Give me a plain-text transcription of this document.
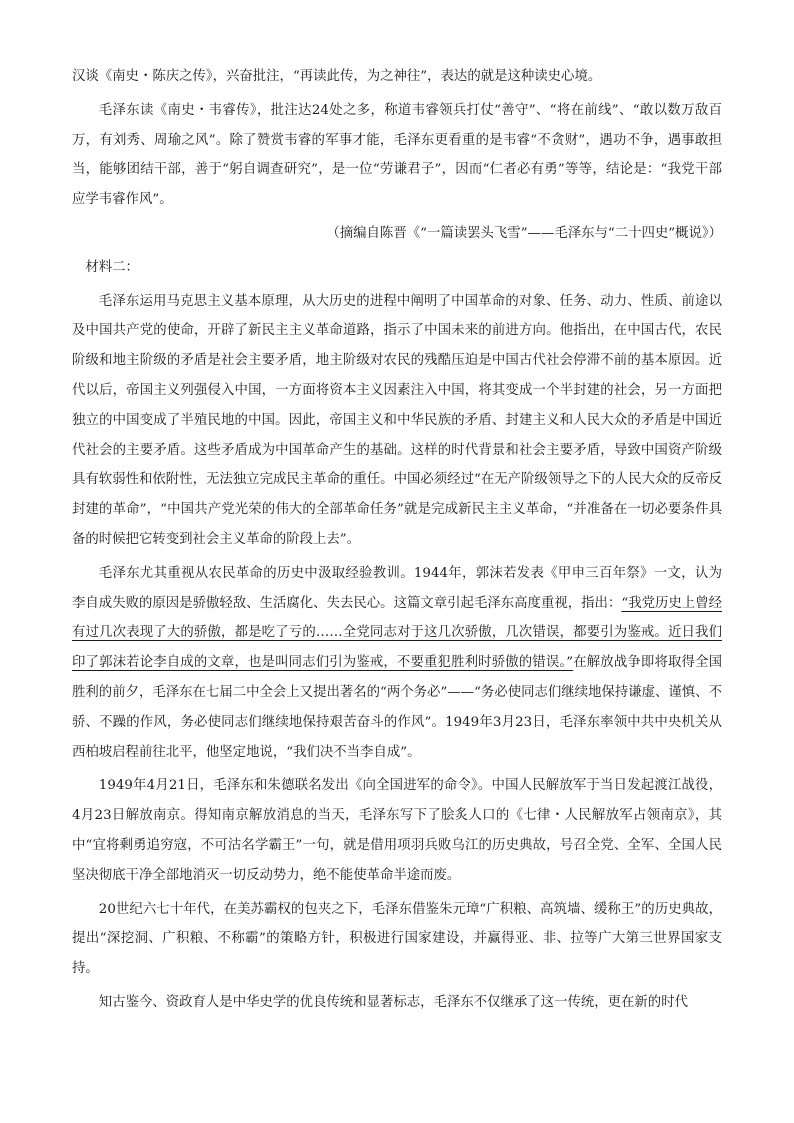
汉谈《南史・陈庆之传》，兴奋批注，“再读此传，为之神往”，表达的就是这种读史心境。

毛泽东读《南史・韦睿传》，批注达24处之多，称道韦睿领兵打仗“善守”、“将在前线”、“敢以数万敌百万，有刘秀、周瑜之风”。除了赞赏韦睿的军事才能，毛泽东更看重的是韦睿“不贪财”，遇功不争，遇事敢担当，能够团结干部，善于“躬自调查研究”，是一位“劳谦君子”，因而“仁者必有勇”等等，结论是：“我党干部应学韦睿作风”。

（摘编自陈晋《“一篇读罢头飞雪”——毛泽东与“二十四史”概说》）

材料二：

毛泽东运用马克思主义基本原理，从大历史的进程中阐明了中国革命的对象、任务、动力、性质、前途以及中国共产党的使命，开辟了新民主主义革命道路，指示了中国未来的前进方向。他指出，在中国古代，农民阶级和地主阶级的矛盾是社会主要矛盾，地主阶级对农民的残酷压迫是中国古代社会停滞不前的基本原因。近代以后，帝国主义列强侵入中国，一方面将资本主义因素注入中国，将其变成一个半封建的社会，另一方面把独立的中国变成了半殖民地的中国。因此，帝国主义和中华民族的矛盾、封建主义和人民大众的矛盾是中国近代社会的主要矛盾。这些矛盾成为中国革命产生的基础。这样的时代背景和社会主要矛盾，导致中国资产阶级具有软弱性和依附性，无法独立完成民主革命的重任。中国必须经过“在无产阶级领导之下的人民大众的反帝反封建的革命”，“中国共产党光荣的伟大的全部革命任务”就是完成新民主主义革命，“并准备在一切必要条件具备的时候把它转变到社会主义革命的阶段上去”。

毛泽东尤其重视从农民革命的历史中汲取经验教训。1944年，郭沫若发表《甲申三百年祭》一文，认为李自成失败的原因是骄傲轻敌、生活腐化、失去民心。这篇文章引起毛泽东高度重视，指出：“我党历史上曾经有过几次表现了大的骄傲，都是吃了亏的……全党同志对于这几次骄傲，几次错误，都要引为鉴戒。近日我们印了郭沫若论李自成的文章，也是叫同志们引为鉴戒，不要重犯胜利时骄傲的错误。”在解放战争即将取得全国胜利的前夕，毛泽东在七届二中全会上又提出著名的“两个务必”——“务必使同志们继续地保持谦虚、谨慎、不骄、不躁的作风，务必使同志们继续地保持艰苦奋斗的作风”。1949年3月23日，毛泽东率领中共中央机关从西柏坡启程前往北平，他坚定地说，“我们决不当李自成”。

1949年4月21日，毛泽东和朱德联名发出《向全国进军的命令》。中国人民解放军于当日发起渡江战役，4月23日解放南京。得知南京解放消息的当天，毛泽东写下了脍炙人口的《七律・人民解放军占领南京》，其中“宜将剩勇追穷寇，不可沽名学霸王”一句，就是借用项羽兵败乌江的历史典故，号召全党、全军、全国人民坚决彻底干净全部地消灭一切反动势力，绝不能使革命半途而废。

20世纪六七十年代，在美苏霸权的包夹之下，毛泽东借鉴朱元璋“广积粮、高筑墙、缓称王”的历史典故，提出“深挖洞、广积粮、不称霸”的策略方针，积极进行国家建设，并赢得亚、非、拉等广大第三世界国家支持。

知古鉴今、资政育人是中华史学的优良传统和显著标志，毛泽东不仅继承了这一传统，更在新的时代
